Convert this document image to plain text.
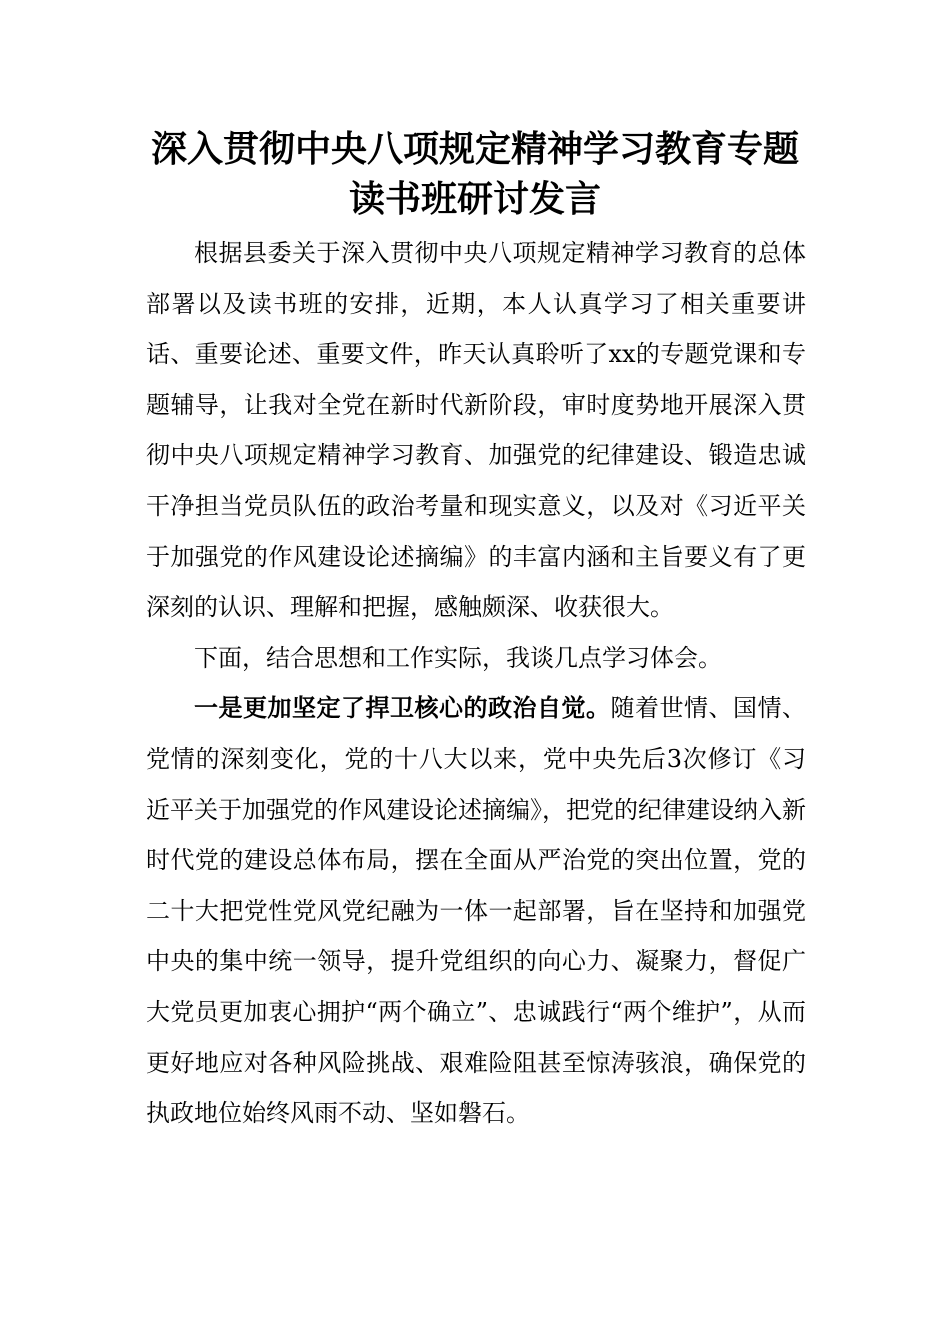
深入贯彻中央八项规定精神学习教育专题
读书班研讨发言

根据县委关于深入贯彻中央八项规定精神学习教育的总体部署以及读书班的安排，近期，本人认真学习了相关重要讲话、重要论述、重要文件，昨天认真聆听了xx的专题党课和专题辅导，让我对全党在新时代新阶段，审时度势地开展深入贯彻中央八项规定精神学习教育、加强党的纪律建设、锻造忠诚干净担当党员队伍的政治考量和现实意义，以及对《习近平关于加强党的作风建设论述摘编》的丰富内涵和主旨要义有了更深刻的认识、理解和把握，感触颇深、收获很大。

下面，结合思想和工作实际，我谈几点学习体会。

一是更加坚定了捍卫核心的政治自觉。随着世情、国情、党情的深刻变化，党的十八大以来，党中央先后3次修订《习近平关于加强党的作风建设论述摘编》，把党的纪律建设纳入新时代党的建设总体布局，摆在全面从严治党的突出位置，党的二十大把党性党风党纪融为一体一起部署，旨在坚持和加强党中央的集中统一领导，提升党组织的向心力、凝聚力，督促广大党员更加衷心拥护“两个确立”、忠诚践行“两个维护”，从而更好地应对各种风险挑战、艰难险阻甚至惊涛骇浪，确保党的执政地位始终风雨不动、坚如磐石。
